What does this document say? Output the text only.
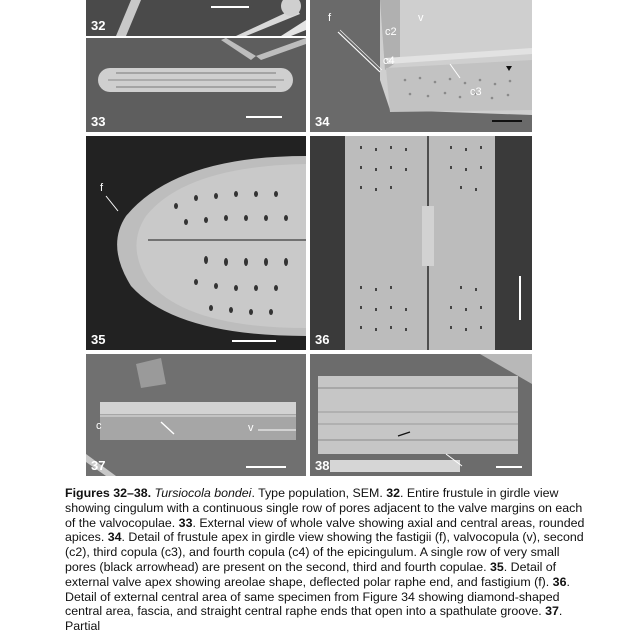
32
33
f	v
c2
c4
c3
34
f
35	36
c	v
37	38
Figures 32–38. Tursiocola bondei. Type population, SEM. 32. Entire frustule in girdle view showing cingulum with a continuous single row of pores adjacent to the valve margins on each of the valvocopulae. 33. External view of whole valve showing axial and central areas, rounded apices. 34. Detail of frustule apex in girdle view showing the fastigii (f), valvocopula (v), second (c2), third copula (c3), and fourth copula (c4) of the epicingulum. A single row of very small pores (black arrowhead) are present on the second, third and fourth copulae. 35. Detail of external valve apex showing areolae shape, deflected polar raphe end, and fastigium (f). 36. Detail of external central area of same specimen from Figure 34 showing diamond-shaped central area, fascia, and straight central raphe ends that open into a spathulate groove. 37. Partial
